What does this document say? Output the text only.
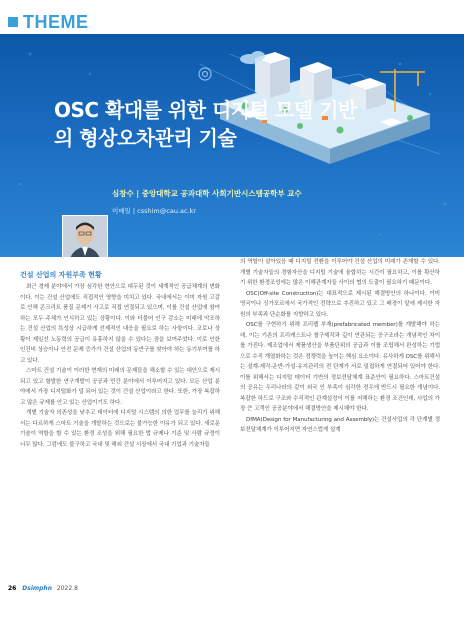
THEME
OSC 확대를 위한 디지털 모델 기반
의 형상오차관리 기술
심창수 | 중앙대학교 공과대학 사회기반시스템공학부 교수
이메일 | csshim@cau.ac.kr
건설 산업의 자원부족 현황

최근 경제 분야에서 가장 심각한 현안으로 대두된 것이 세계적인 공급체계의 변화이다. 이는 건설 산업에도 직접적인 영향을 미치고 있다. 국내에서는 이미 자원 고갈로 인해 콘크리트 품질 문제가 사고로 직접 연결되고 있으며, 이를 건설 산업에 참여하는 모두 주체가 인식하고 있는 상황이다. 이와 더불어 인구 감소는 미래에 악조하는 건설 산업의 특성상 시급하게 선제적인 대응을 필요로 하는 사항이다. 코로나 상황이 제일선 노동력의 공급이 유휴하지 않을 수 있다는 점을 보여주었다. 이로 인한 인건비 상승이나 안전 문제 증가가 건설 산업의 동반구를 찾아야 하는 동기부여를 하고 있다.

스마트 건설 기술이 이러한 현재의 미래의 문제들을 해소할 수 있는 대안으로 제시되고 있고 할발한 연구개발이 공공과 민간 분야에서 이루어지고 있다. 모든 산업 분야에서 가장 디지털화가 덜 되어 있는 것이 건설 산업이라고 한다. 또한, 가장 복잡하고 많은 규제를 안고 있는 산업이기도 하다.

개별 기술자 의존성을 낮추고 데이터에 디지털 시스템의 의한 업무를 늘리기 위해서는 다르하게 스마트 기술을 개발하는 것으로는 불가능한 이유가 되고 있다. 새로운 기술이 역할을 할 수 있는 환경 조성을 위해 필요한 법 규제나 기준 및 사람 규정이 너무 많다. 그럼에도 불구하고 국내 및 해외 건설 시장에서 국내 기업과 기술자들

의 역할이 살아있음 때 디지털 전환을 이루어야 건설 산업의 미래가 존재할 수 있다. 개별 기술자들의 경험자산을 디지털 기술에 융합하는 시간이 필요하고, 이를 확산하기 위한 환경조성에는 많은 이해관계자들 사이의 협의 도출이 필요하기 때문이다.

OSC(Off-site Construction)는 대표적으로 제시된 해결방안의 하나이다. 이미 영국이나 싱가포르에서 국가적인 전략으로 추진하고 있고 그 배경이 앞에 제시한 자원의 부족과 단순화를 지향하고 있다.

OSC를 구현하기 위해 프리팹 부재(prefabricated member)를 개발해야 하는데, 이는 기존의 프리캐스트나 철구제작과 깊이 연관되는 공구조라는 개념적인 차이를 가진다. 제조업에서 제품생산을 부품단위의 공급과 이를 조립해서 완성하는 기법으로 수직 계열화하는 것은 경쟁력을 높이는 핵심 요소이다. 유사하게 OSC를 위해서는 설계-제작-운반-가설-유지관리의 전 단계가 서로 밀접하게 연결되어 있어야 한다. 이를 위해서는 디지털 데이터 기반의 정보전달체계 표준안이 필요하다. 스마트건설의 공유는 우리나라의 같이 외국 인 부족이 심각한 경우에 반드시 필요한 개념이다. 복잡한 하드로 구조와 수직적인 관계설정이 이를 저해하는 환경 조건인데, 사업의 가장 큰 고객인 공공분야에서 해결방안을 제시해야 한다.

DfMA(Design for Manufacturing and Assembly)는 건설사업의 각 단계별 정보전달체계가 이루어지면 자연스럽게 설계

26 Dsimphn 2022.8
